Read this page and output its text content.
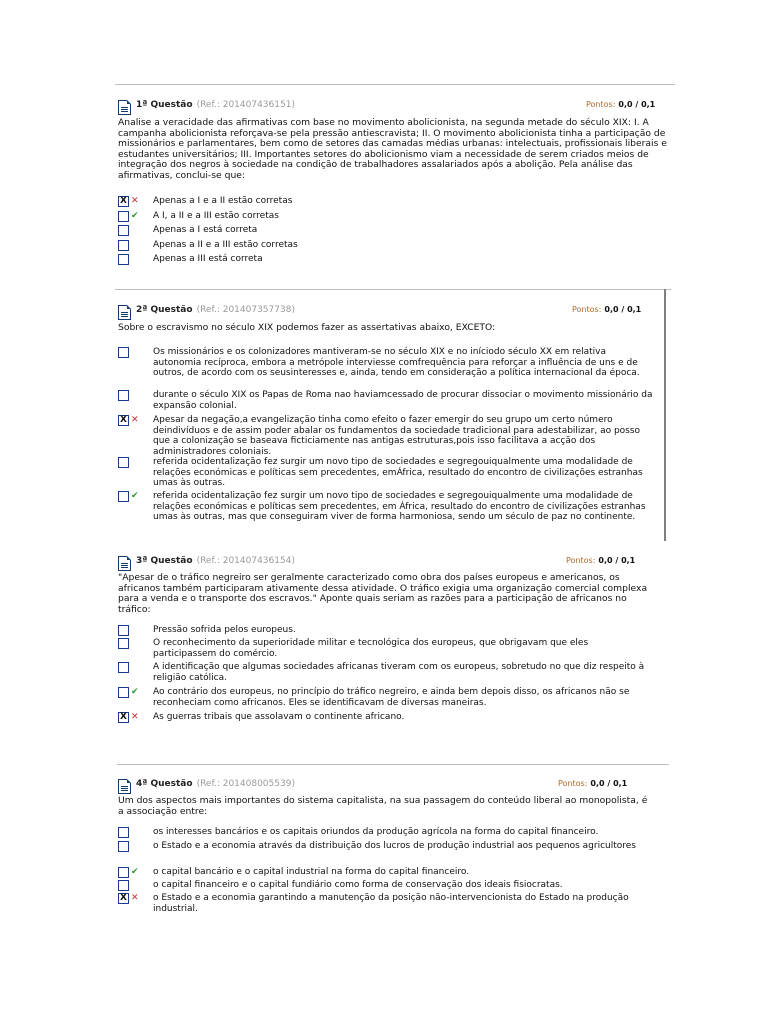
1ª Questão (Ref.: 201407436151)	Pontos: 0,0 / 0,1

Analise a veracidade das afirmativas com base no movimento abolicionista, na segunda metade do século XIX: I. A campanha abolicionista reforçava-se pela pressão antiescravista; II. O movimento abolicionista tinha a participação de missionários e parlamentares, bem como de setores das camadas médias urbanas: intelectuais, profissionais liberais e estudantes universitários; III. Importantes setores do abolicionismo viam a necessidade de serem criados meios de integração dos negros à sociedade na condição de trabalhadores assalariados após a abolição. Pela análise das afirmativas, conclui-se que:

X ✕ Apenas a I e a II estão corretas
✔ A I, a II e a III estão corretas
Apenas a I está correta
Apenas a II e a III estão corretas
Apenas a III está correta
2ª Questão (Ref.: 201407357738)	Pontos: 0,0 / 0,1

Sobre o escravismo no século XIX podemos fazer as assertativas abaixo, EXCETO:

Os missionários e os colonizadores mantiveram-se no século XIX e no iníciodo século XX em relativa autonomia recíproca, embora a metrópole interviesse comfrequência para reforçar a influência de uns e de outros, de acordo com os seusinteresses e, ainda, tendo em consideração a política internacional da época.
durante o século XIX os Papas de Roma nao haviamcessado de procurar dissociar o movimento missionário da expansão colonial.
X ✕ Apesar da negação,a evangelização tinha como efeito o fazer emergir do seu grupo um certo número deindivíduos e de assim poder abalar os fundamentos da sociedade tradicional para adestabilizar, ao posso que a colonização se baseava ficticiamente nas antigas estruturas,pois isso facilitava a acção dos administradores coloniais.
referida ocidentalização fez surgir um novo tipo de sociedades e segregouiqualmente uma modalidade de relações económicas e políticas sem precedentes, emÁfrica, resultado do encontro de civilizações estranhas umas às outras.
✔ referida ocidentalização fez surgir um novo tipo de sociedades e segregouiqualmente uma modalidade de relações económicas e políticas sem precedentes, em África, resultado do encontro de civilizações estranhas umas às outras, mas que conseguiram viver de forma harmoniosa, sendo um século de paz no continente.
3ª Questão (Ref.: 201407436154)	Pontos: 0,0 / 0,1

"Apesar de o tráfico negreiro ser geralmente caracterizado como obra dos países europeus e americanos, os africanos também participaram ativamente dessa atividade. O tráfico exigia uma organização comercial complexa para a venda e o transporte dos escravos." Aponte quais seriam as razões para a participação de africanos no tráfico:

Pressão sofrida pelos europeus.
O reconhecimento da superioridade militar e tecnológica dos europeus, que obrigavam que eles participassem do comércio.
A identificação que algumas sociedades africanas tiveram com os europeus, sobretudo no que diz respeito à religião católica.
✔ Ao contrário dos europeus, no princípio do tráfico negreiro, e ainda bem depois disso, os africanos não se reconheciam como africanos. Eles se identificavam de diversas maneiras.
X ✕ As guerras tribais que assolavam o continente africano.
4ª Questão (Ref.: 201408005539)	Pontos: 0,0 / 0,1

Um dos aspectos mais importantes do sistema capitalista, na sua passagem do conteúdo liberal ao monopolista, é a associação entre:

os interesses bancários e os capitais oriundos da produção agrícola na forma do capital financeiro.
o Estado e a economia através da distribuição dos lucros de produção industrial aos pequenos agricultores
✔ o capital bancário e o capital industrial na forma do capital financeiro.
o capital financeiro e o capital fundiário como forma de conservação dos ideais fisiocratas.
X ✕ o Estado e a economia garantindo a manutenção da posição não-intervencionista do Estado na produção industrial.
